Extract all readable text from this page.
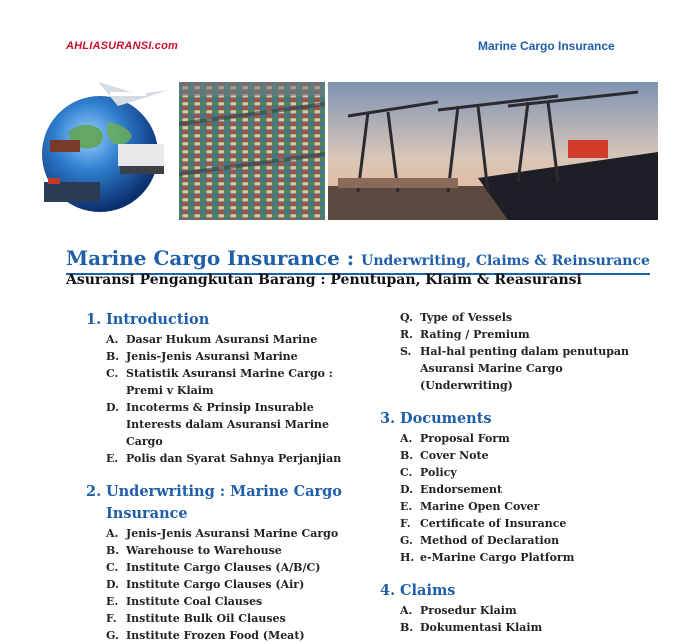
AHLIASURANSI.com	Marine Cargo Insurance
Marine Cargo Insurance : Underwriting, Claims & Reinsurance
Asuransi Pengangkutan Barang : Penutupan, Klaim & Reasuransi
1. Introduction
A. Dasar Hukum Asuransi Marine
B. Jenis-Jenis Asuransi Marine
C. Statistik Asuransi Marine Cargo : Premi v Klaim
D. Incoterms & Prinsip Insurable Interests dalam Asuransi Marine Cargo
E. Polis dan Syarat Sahnya Perjanjian
2. Underwriting : Marine Cargo Insurance
A. Jenis-Jenis Asuransi Marine Cargo
B. Warehouse to Warehouse
C. Institute Cargo Clauses (A/B/C)
D. Institute Cargo Clauses (Air)
E. Institute Coal Clauses
F. Institute Bulk Oil Clauses
G. Institute Frozen Food (Meat)
Q. Type of Vessels
R. Rating / Premium
S. Hal-hal penting dalam penutupan Asuransi Marine Cargo (Underwriting)
3. Documents
A. Proposal Form
B. Cover Note
C. Policy
D. Endorsement
E. Marine Open Cover
F. Certificate of Insurance
G. Method of Declaration
H. e-Marine Cargo Platform
4. Claims
A. Prosedur Klaim
B. Dokumentasi Klaim
